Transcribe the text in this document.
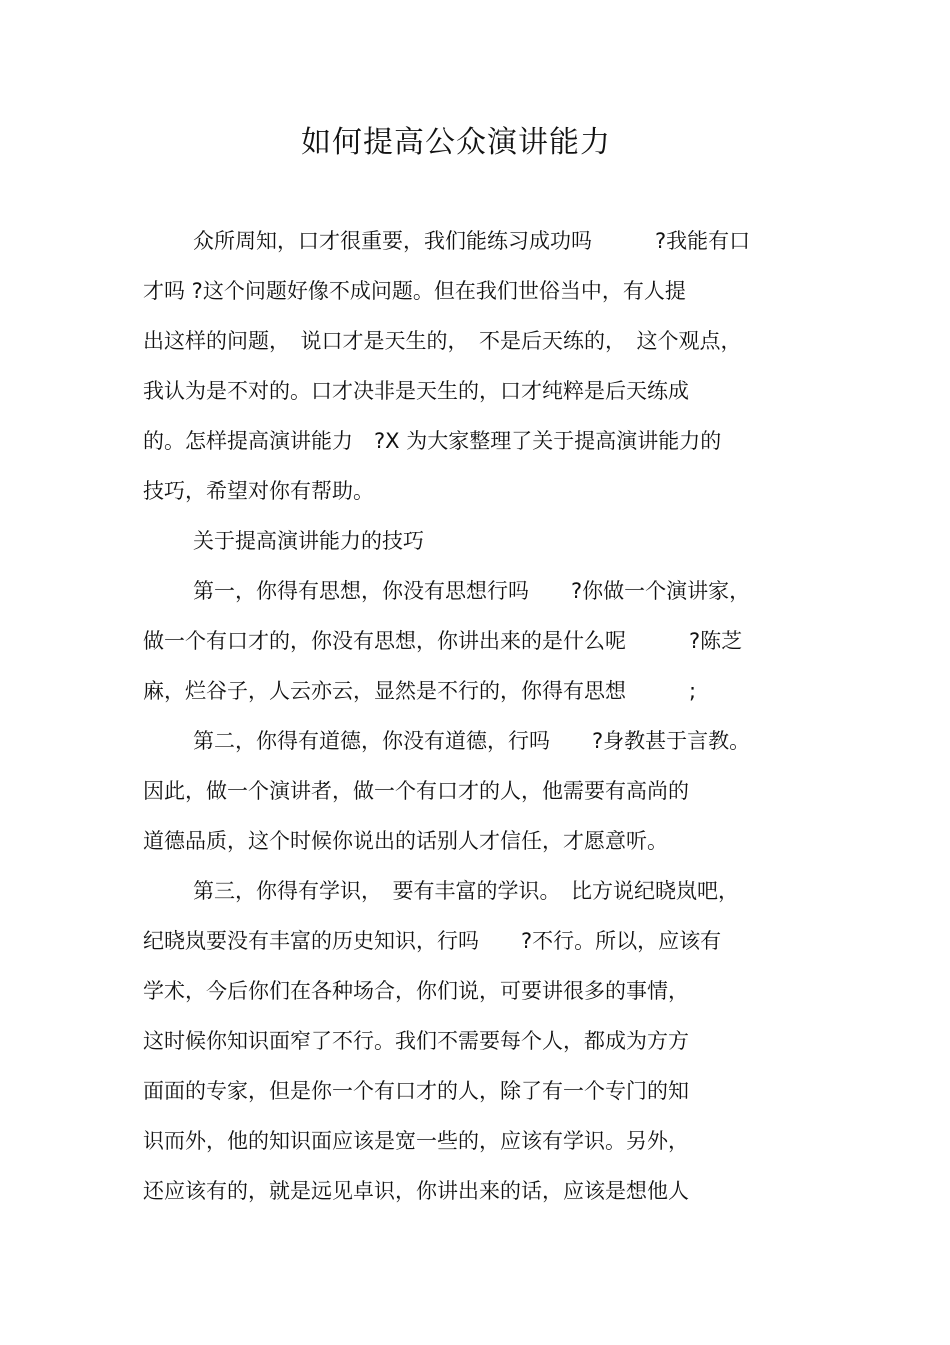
如何提高公众演讲能力
众所周知，口才很重要，我们能练习成功吗　　　?我能有口
才吗 ?这个问题好像不成问题。但在我们世俗当中，有人提
出这样的问题，　说口才是天生的，　不是后天练的，　这个观点，
我认为是不对的。口才决非是天生的，口才纯粹是后天练成
的。怎样提高演讲能力　?X 为大家整理了关于提高演讲能力的
技巧，希望对你有帮助。
关于提高演讲能力的技巧
第一，你得有思想，你没有思想行吗　　?你做一个演讲家，
做一个有口才的，你没有思想，你讲出来的是什么呢　　　?陈芝
麻，烂谷子，人云亦云，显然是不行的，你得有思想　　　;
第二，你得有道德，你没有道德，行吗　　?身教甚于言教。
因此，做一个演讲者，做一个有口才的人，他需要有高尚的
道德品质，这个时候你说出的话别人才信任，才愿意听。
第三，你得有学识，　要有丰富的学识。　比方说纪晓岚吧，
纪晓岚要没有丰富的历史知识，行吗　　?不行。所以，应该有
学术，今后你们在各种场合，你们说，可要讲很多的事情，
这时候你知识面窄了不行。我们不需要每个人，都成为方方
面面的专家，但是你一个有口才的人，除了有一个专门的知
识而外，他的知识面应该是宽一些的，应该有学识。另外，
还应该有的，就是远见卓识，你讲出来的话，应该是想他人
